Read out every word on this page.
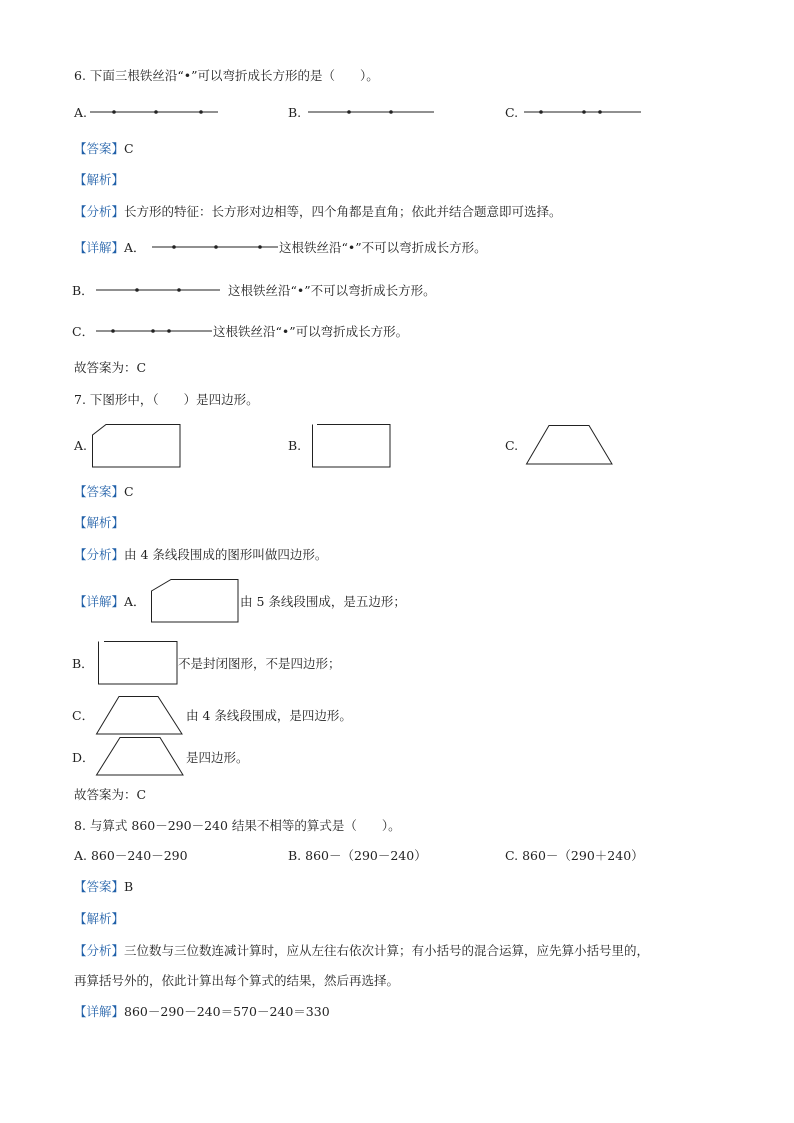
6. 下面三根铁丝沿“•”可以弯折成长方形的是（　　）。
A.	B.	C.
【答案】C
【解析】
【分析】长方形的特征：长方形对边相等，四个角都是直角；依此并结合题意即可选择。
【详解】A．	这根铁丝沿“•”不可以弯折成长方形。
B．	这根铁丝沿“•”不可以弯折成长方形。
C．	这根铁丝沿“•”可以弯折成长方形。
故答案为：C
7. 下图形中，（　　）是四边形。
A.	B.	C.
【答案】C
【解析】
【分析】由 4 条线段围成的图形叫做四边形。
【详解】A．	由 5 条线段围成，是五边形；
B．	不是封闭图形，不是四边形；
C．	由 4 条线段围成，是四边形。
D．	是四边形。
故答案为：C
8. 与算式 860－290－240 结果不相等的算式是（　　）。
A. 860－240－290	B. 860－（290－240）	C. 860－（290＋240）
【答案】B
【解析】
【分析】三位数与三位数连减计算时，应从左往右依次计算；有小括号的混合运算，应先算小括号里的，
再算括号外的，依此计算出每个算式的结果，然后再选择。
【详解】860－290－240＝570－240＝330
